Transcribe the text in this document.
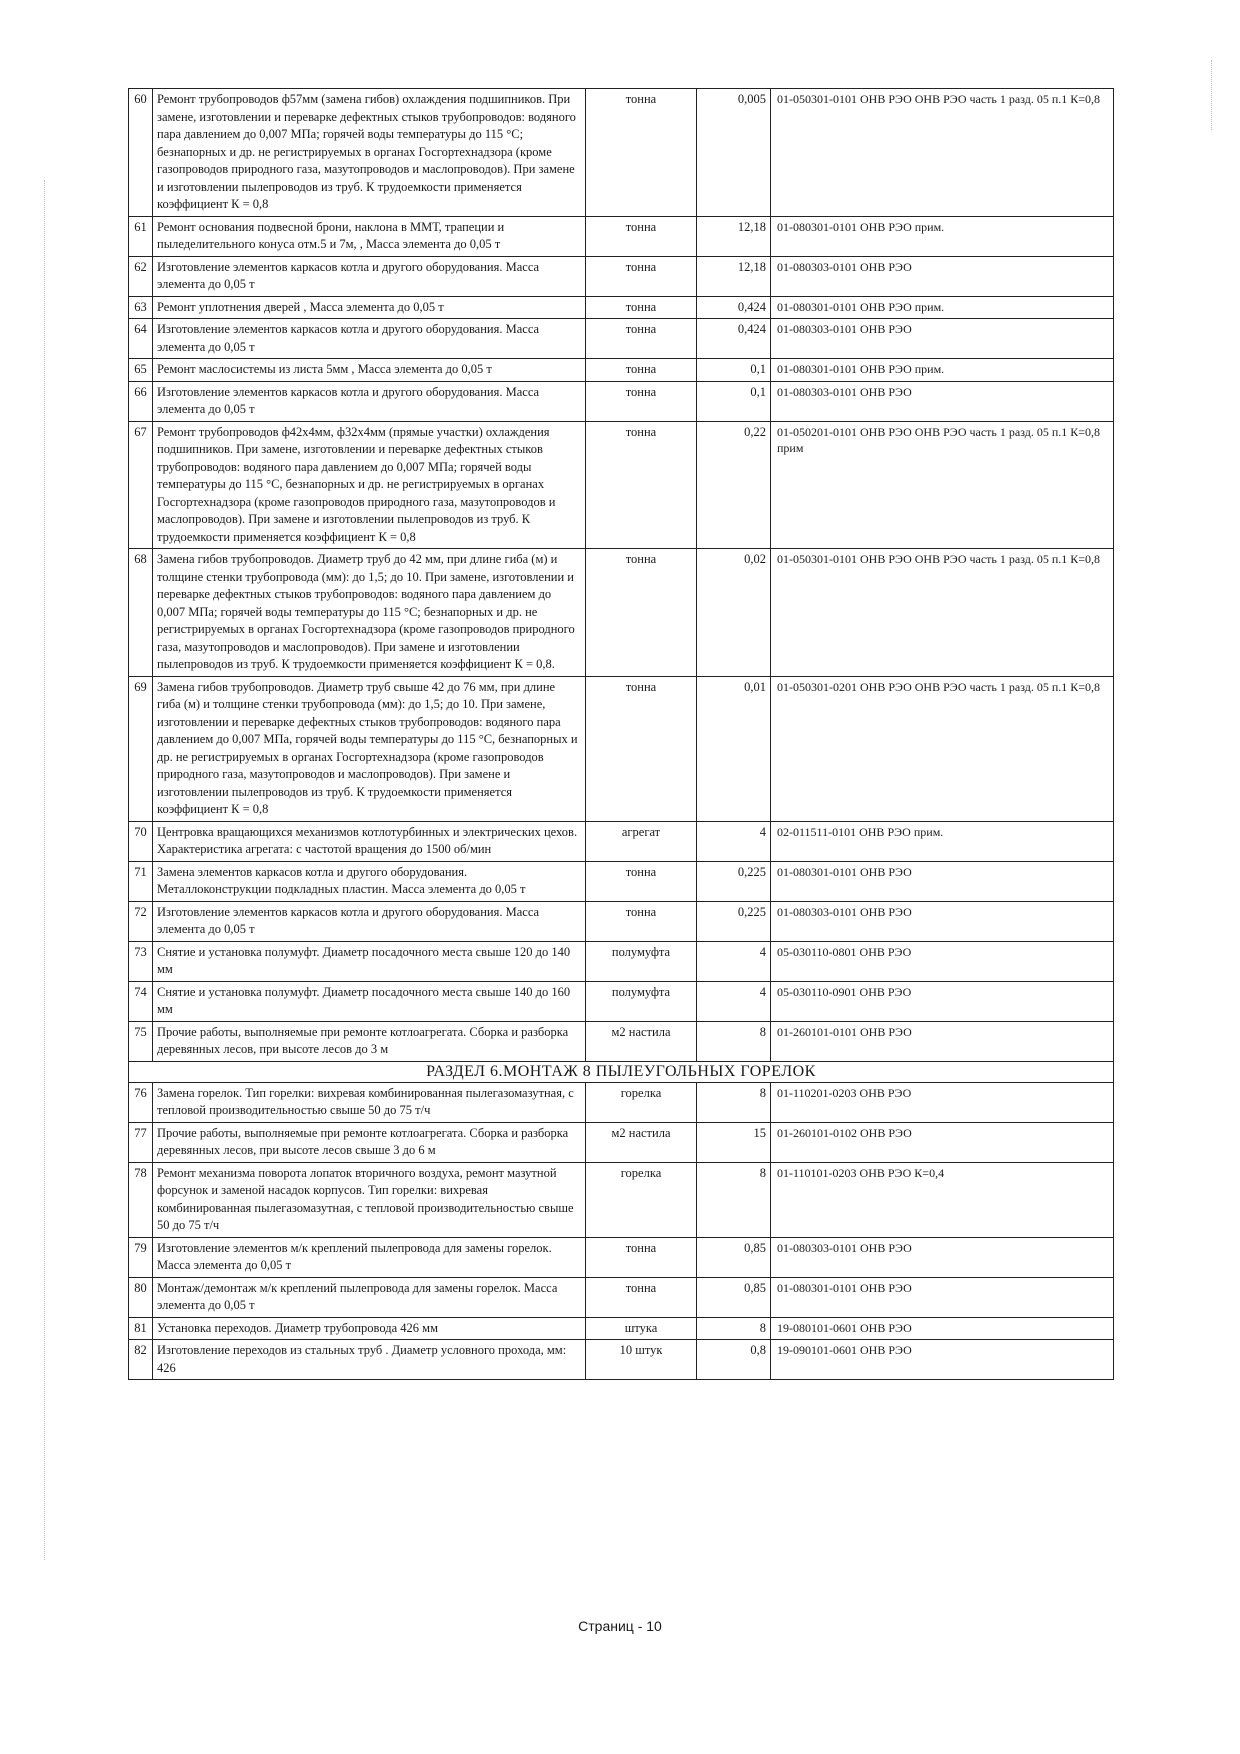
60	Ремонт трубопроводов ф57мм (замена гибов) охлаждения подшипников. При замене, изготовлении и переварке дефектных стыков трубопроводов: водяного пара давлением до 0,007 МПа; горячей воды температуры до 115 °С; безнапорных и др. не регистрируемых в органах Госгортехнадзора (кроме газопроводов природного газа, мазутопроводов и маслопроводов). При замене и изготовлении пылепроводов из труб. К трудоемкости применяется коэффициент К = 0,8	тонна	0,005	01-050301-0101 ОНВ РЭО ОНВ РЭО часть 1 разд. 05 п.1 К=0,8
61	Ремонт основания подвесной брони, наклона в ММТ, трапеции и пыледелительного конуса отм.5 и 7м, , Масса элемента до 0,05 т	тонна	12,18	01-080301-0101 ОНВ РЭО прим.
62	Изготовление элементов каркасов котла и другого оборудования. Масса элемента до 0,05 т	тонна	12,18	01-080303-0101 ОНВ РЭО
63	Ремонт уплотнения дверей , Масса элемента до 0,05 т	тонна	0,424	01-080301-0101 ОНВ РЭО прим.
64	Изготовление элементов каркасов котла и другого оборудования. Масса элемента до 0,05 т	тонна	0,424	01-080303-0101 ОНВ РЭО
65	Ремонт маслосистемы из листа 5мм , Масса элемента до 0,05 т	тонна	0,1	01-080301-0101 ОНВ РЭО прим.
66	Изготовление элементов каркасов котла и другого оборудования. Масса элемента до 0,05 т	тонна	0,1	01-080303-0101 ОНВ РЭО
67	Ремонт трубопроводов ф42х4мм, ф32х4мм (прямые участки) охлаждения подшипников. При замене, изготовлении и переварке дефектных стыков трубопроводов: водяного пара давлением до 0,007 МПа; горячей воды температуры до 115 °С, безнапорных и др. не регистрируемых в органах Госгортехнадзора (кроме газопроводов природного газа, мазутопроводов и маслопроводов). При замене и изготовлении пылепроводов из труб. К трудоемкости применяется коэффициент К = 0,8	тонна	0,22	01-050201-0101 ОНВ РЭО ОНВ РЭО часть 1 разд. 05 п.1 К=0,8 прим
68	Замена гибов трубопроводов. Диаметр труб до 42 мм, при длине гиба (м) и толщине стенки трубопровода (мм): до 1,5; до 10. При замене, изготовлении и переварке дефектных стыков трубопроводов: водяного пара давлением до 0,007 МПа; горячей воды температуры до 115 °С; безнапорных и др. не регистрируемых в органах Госгортехнадзора (кроме газопроводов природного газа, мазутопроводов и маслопроводов). При замене и изготовлении пылепроводов из труб. К трудоемкости применяется коэффициент К = 0,8.	тонна	0,02	01-050301-0101 ОНВ РЭО ОНВ РЭО часть 1 разд. 05 п.1 К=0,8
69	Замена гибов трубопроводов. Диаметр труб свыше 42 до 76 мм, при длине гиба (м) и толщине стенки трубопровода (мм): до 1,5; до 10. При замене, изготовлении и переварке дефектных стыков трубопроводов: водяного пара давлением до 0,007 МПа, горячей воды температуры до 115 °С, безнапорных и др. не регистрируемых в органах Госгортехнадзора (кроме газопроводов природного газа, мазутопроводов и маслопроводов). При замене и изготовлении пылепроводов из труб. К трудоемкости применяется коэффициент К = 0,8	тонна	0,01	01-050301-0201 ОНВ РЭО ОНВ РЭО часть 1 разд. 05 п.1 К=0,8
70	Центровка вращающихся механизмов котлотурбинных и электрических цехов. Характеристика агрегата: с частотой вращения до 1500 об/мин	агрегат	4	02-011511-0101 ОНВ РЭО прим.
71	Замена элементов каркасов котла и другого оборудования. Металлоконструкции подкладных пластин. Масса элемента до 0,05 т	тонна	0,225	01-080301-0101 ОНВ РЭО
72	Изготовление элементов каркасов котла и другого оборудования. Масса элемента до 0,05 т	тонна	0,225	01-080303-0101 ОНВ РЭО
73	Снятие и установка полумуфт. Диаметр посадочного места свыше 120 до 140 мм	полумуфта	4	05-030110-0801 ОНВ РЭО
74	Снятие и установка полумуфт. Диаметр посадочного места свыше 140 до 160 мм	полумуфта	4	05-030110-0901 ОНВ РЭО
75	Прочие работы, выполняемые при ремонте котлоагрегата. Сборка и разборка деревянных лесов, при высоте лесов до 3 м	м2 настила	8	01-260101-0101 ОНВ РЭО
РАЗДЕЛ 6.МОНТАЖ 8 ПЫЛЕУГОЛЬНЫХ ГОРЕЛОК				
76	Замена горелок. Тип горелки: вихревая комбинированная пылегазомазутная, с тепловой производительностью свыше 50 до 75 т/ч	горелка	8	01-110201-0203 ОНВ РЭО
77	Прочие работы, выполняемые при ремонте котлоагрегата. Сборка и разборка деревянных лесов, при высоте лесов свыше 3 до 6 м	м2 настила	15	01-260101-0102 ОНВ РЭО
78	Ремонт механизма поворота лопаток вторичного воздуха, ремонт мазутной форсунок и заменой насадок корпусов. Тип горелки: вихревая комбинированная пылегазомазутная, с тепловой производительностью свыше 50 до 75 т/ч	горелка	8	01-110101-0203 ОНВ РЭО К=0,4
79	Изготовление элементов м/к креплений пылепровода для замены горелок. Масса элемента до 0,05 т	тонна	0,85	01-080303-0101 ОНВ РЭО
80	Монтаж/демонтаж м/к креплений пылепровода для замены горелок. Масса элемента до 0,05 т	тонна	0,85	01-080301-0101 ОНВ РЭО
81	Установка переходов. Диаметр трубопровода 426 мм	штука	8	19-080101-0601 ОНВ РЭО
82	Изготовление переходов из стальных труб . Диаметр условного прохода, мм: 426	10 штук	0,8	19-090101-0601 ОНВ РЭО
Страниц - 10
